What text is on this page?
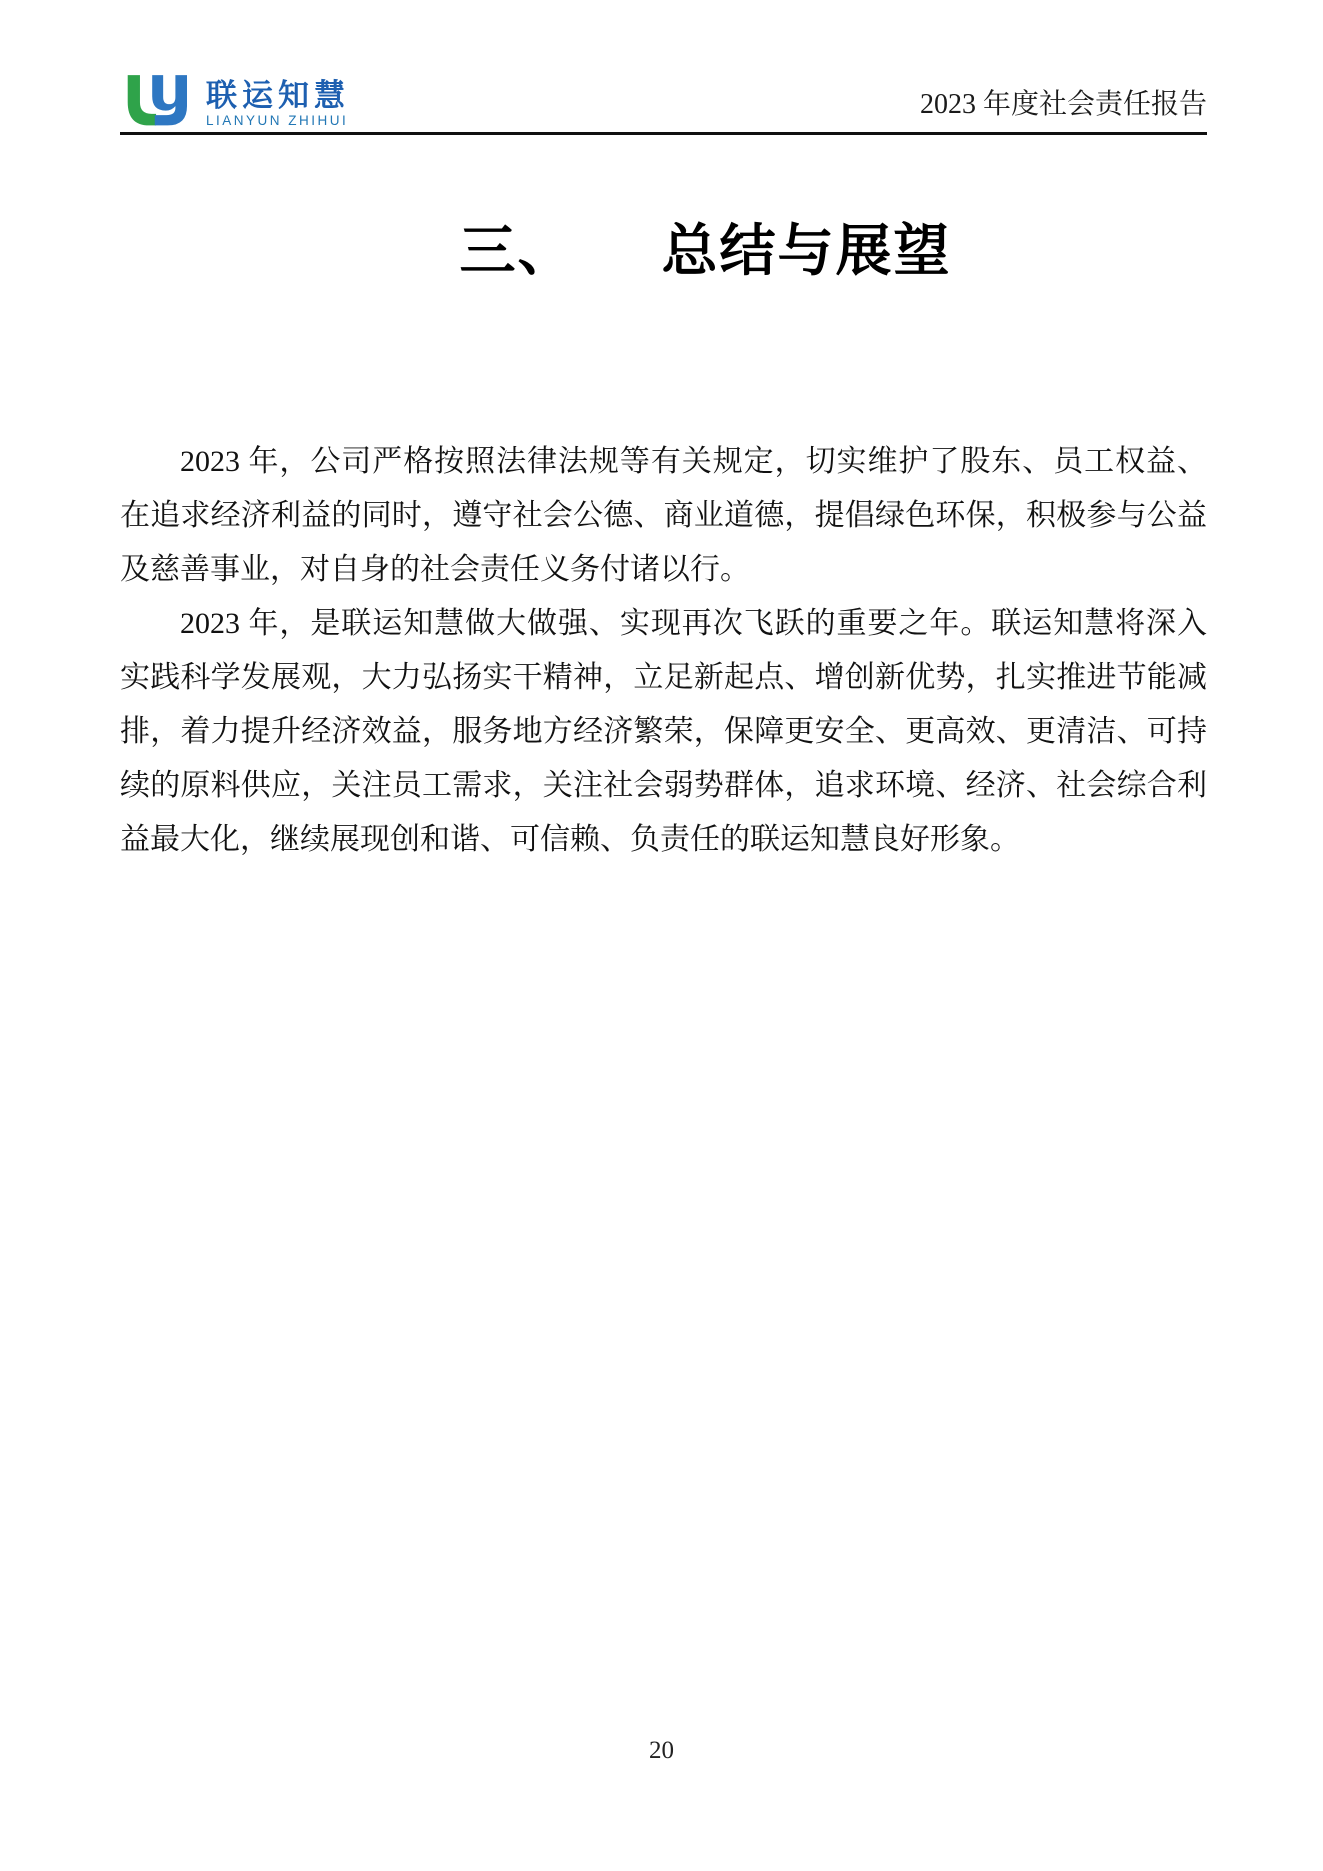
联运知慧
LIANYUN ZHIHUI	2023 年度社会责任报告
三、 总结与展望

2023 年，公司严格按照法律法规等有关规定，切实维护了股东、员工权益、在追求经济利益的同时，遵守社会公德、商业道德，提倡绿色环保，积极参与公益及慈善事业，对自身的社会责任义务付诸以行。

2023 年，是联运知慧做大做强、实现再次飞跃的重要之年。联运知慧将深入实践科学发展观，大力弘扬实干精神，立足新起点、增创新优势，扎实推进节能减排，着力提升经济效益，服务地方经济繁荣，保障更安全、更高效、更清洁、可持续的原料供应，关注员工需求，关注社会弱势群体，追求环境、经济、社会综合利益最大化，继续展现创和谐、可信赖、负责任的联运知慧良好形象。

20
